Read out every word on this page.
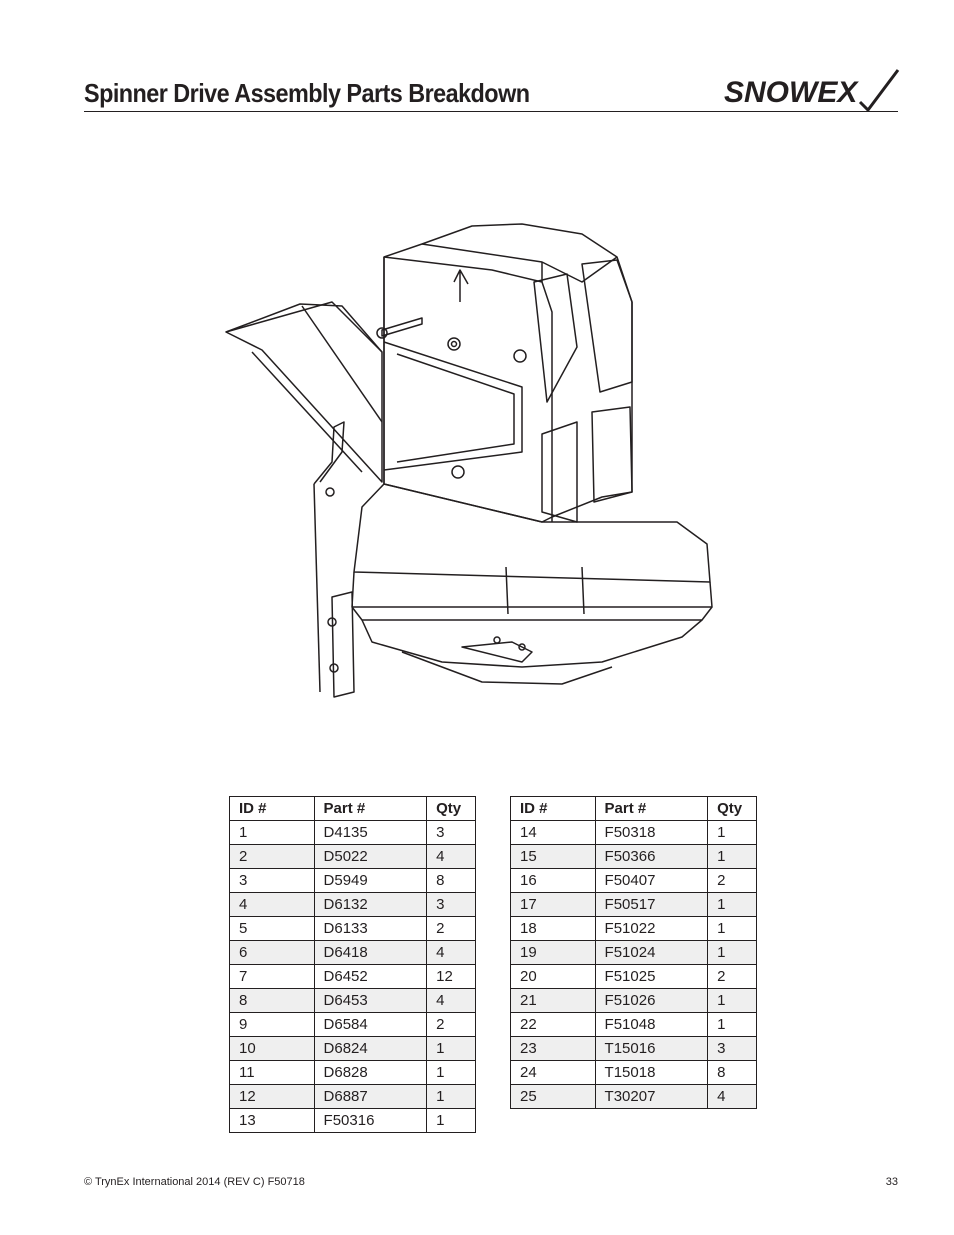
Spinner Drive Assembly Parts Breakdown	SNOWEX
ID #	Part #	Qty
1	D4135	3
2	D5022	4
3	D5949	8
4	D6132	3
5	D6133	2
6	D6418	4
7	D6452	12
8	D6453	4
9	D6584	2
10	D6824	1
11	D6828	1
12	D6887	1
13	F50316	1
ID #	Part #	Qty
14	F50318	1
15	F50366	1
16	F50407	2
17	F50517	1
18	F51022	1
19	F51024	1
20	F51025	2
21	F51026	1
22	F51048	1
23	T15016	3
24	T15018	8
25	T30207	4
© TrynEx International 2014 (REV C) F50718	33
